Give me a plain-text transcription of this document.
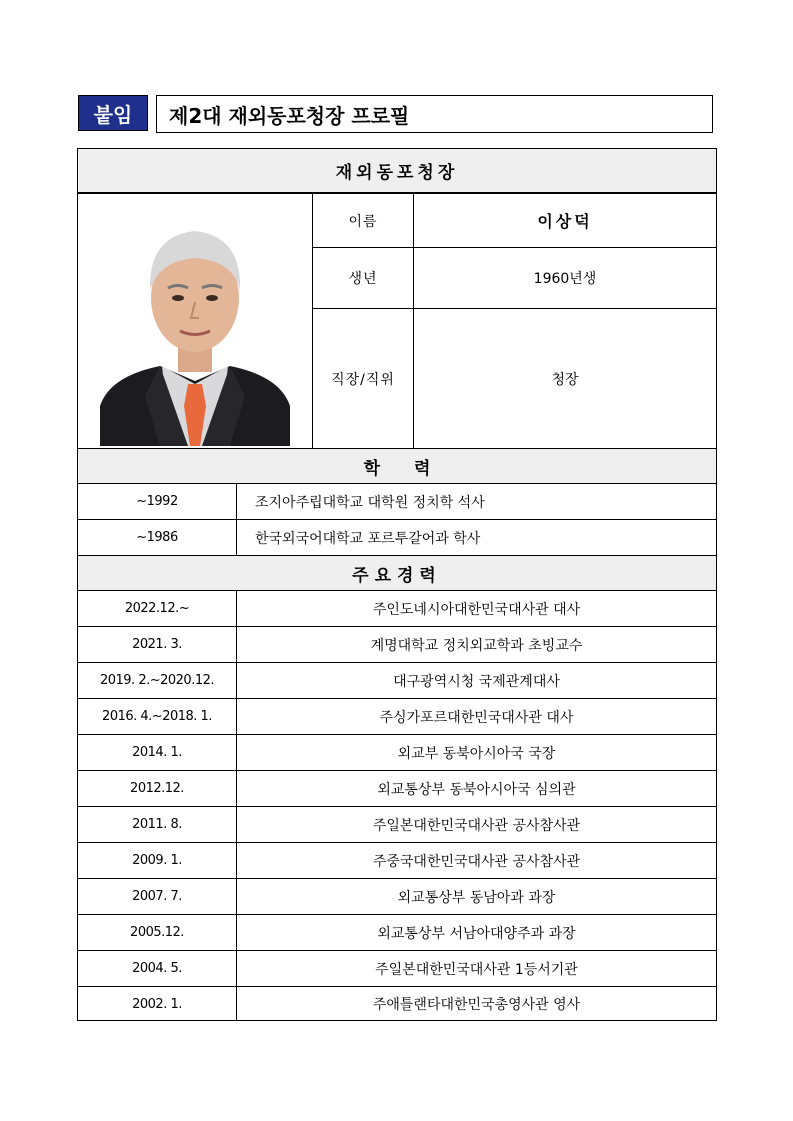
붙임	제2대 재외동포청장 프로필
재외동포청장
이름	이상덕
생년	1960년생
직장/직위	청장
학　　력
~1992	조지아주립대학교 대학원 정치학 석사
~1986	한국외국어대학교 포르투갈어과 학사
주요경력
2022.12.~	주인도네시아대한민국대사관 대사
2021. 3.	계명대학교 정치외교학과 초빙교수
2019. 2.~2020.12.	대구광역시청 국제관계대사
2016. 4.~2018. 1.	주싱가포르대한민국대사관 대사
2014. 1.	외교부 동북아시아국 국장
2012.12.	외교통상부 동북아시아국 심의관
2011. 8.	주일본대한민국대사관 공사참사관
2009. 1.	주중국대한민국대사관 공사참사관
2007. 7.	외교통상부 동남아과 과장
2005.12.	외교통상부 서남아대양주과 과장
2004. 5.	주일본대한민국대사관 1등서기관
2002. 1.	주애틀랜타대한민국총영사관 영사
